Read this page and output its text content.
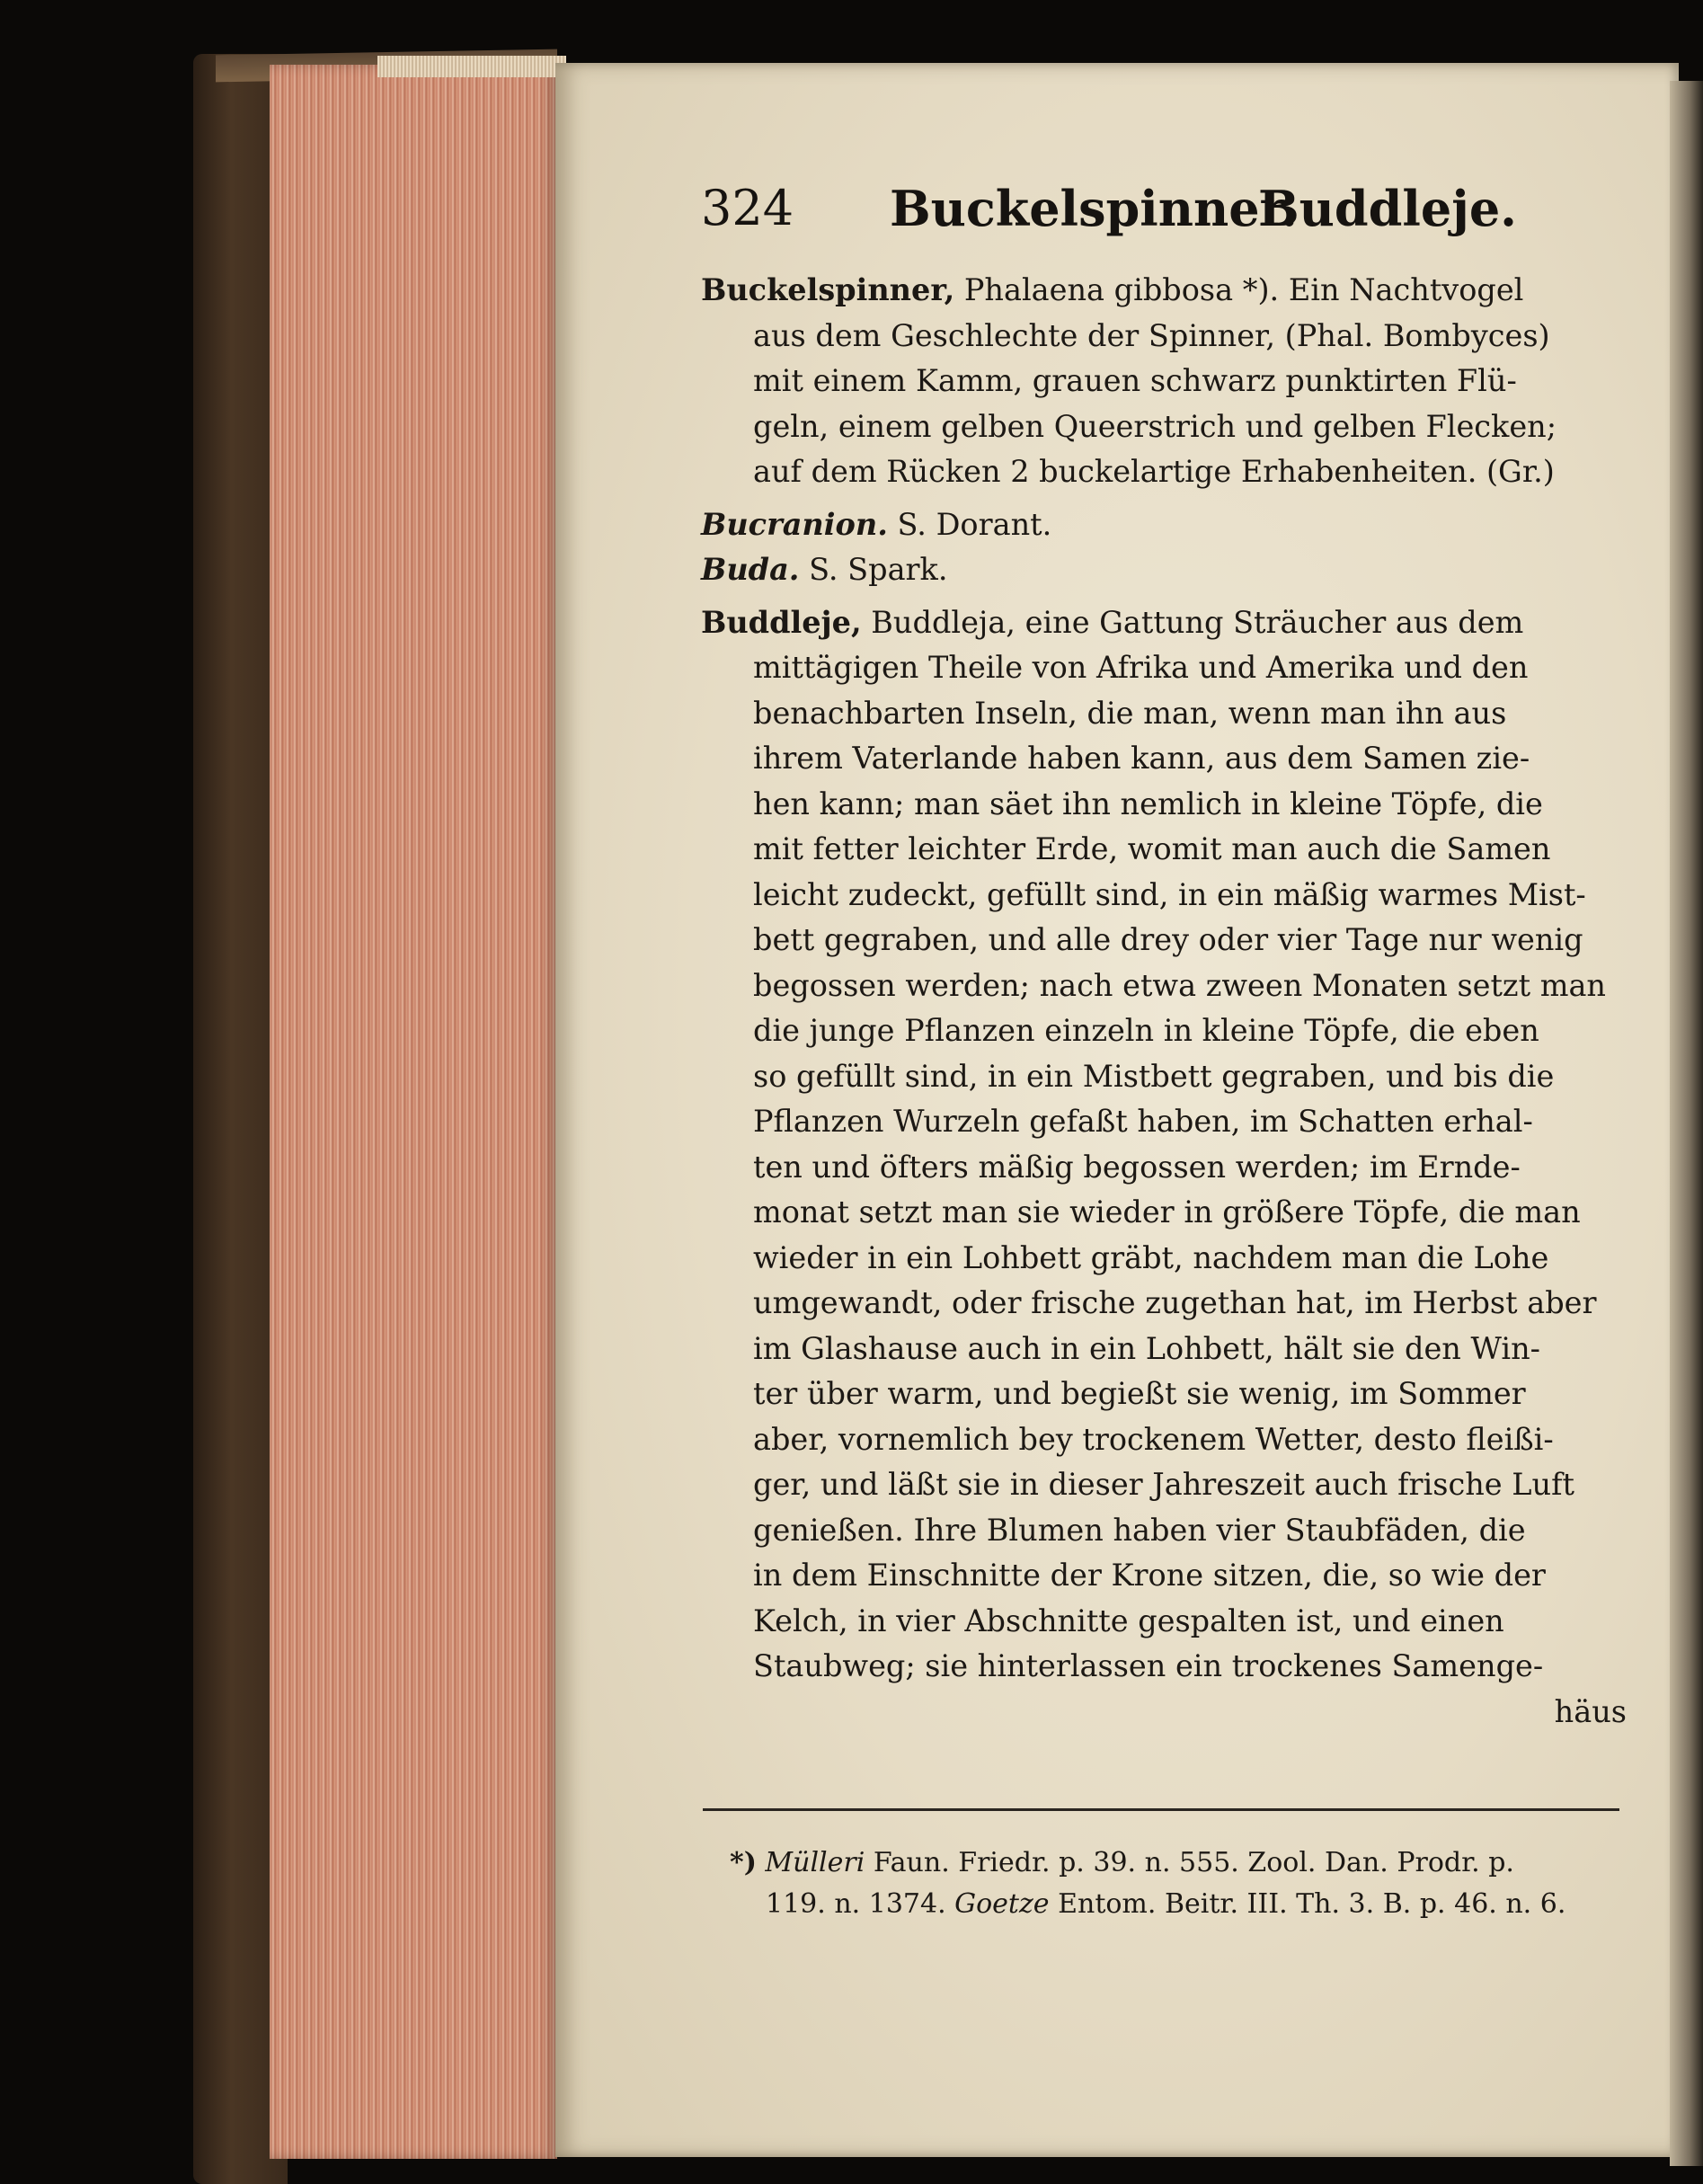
324 Buckelspinner.
Buddleje.
Buckelspinner, Phalaena gibbosa *). Ein Nachtvogel
aus dem Geschlechte der Spinner, (Phal. Bombyces)
mit einem Kamm, grauen schwarz punktirten Flü-
geln, einem gelben Queerstrich und gelben Flecken;
auf dem Rücken 2 buckelartige Erhabenheiten. (Gr.)
Bucranion. S. Dorant.
Buda. S. Spark.
Buddleje, Buddleja, eine Gattung Sträucher aus dem
mittägigen Theile von Afrika und Amerika und den
benachbarten Inseln, die man, wenn man ihn aus
ihrem Vaterlande haben kann, aus dem Samen zie-
hen kann; man säet ihn nemlich in kleine Töpfe, die
mit fetter leichter Erde, womit man auch die Samen
leicht zudeckt, gefüllt sind, in ein mäßig warmes Mist-
bett gegraben, und alle drey oder vier Tage nur wenig
begossen werden; nach etwa zween Monaten setzt man
die junge Pflanzen einzeln in kleine Töpfe, die eben
so gefüllt sind, in ein Mistbett gegraben, und bis die
Pflanzen Wurzeln gefaßt haben, im Schatten erhal-
ten und öfters mäßig begossen werden; im Ernde-
monat setzt man sie wieder in größere Töpfe, die man
wieder in ein Lohbett gräbt, nachdem man die Lohe
umgewandt, oder frische zugethan hat, im Herbst aber
im Glashause auch in ein Lohbett, hält sie den Win-
ter über warm, und begießt sie wenig, im Sommer
aber, vornemlich bey trockenem Wetter, desto fleißi-
ger, und läßt sie in dieser Jahreszeit auch frische Luft
genießen. Ihre Blumen haben vier Staubfäden, die
in dem Einschnitte der Krone sitzen, die, so wie der
Kelch, in vier Abschnitte gespalten ist, und einen
Staubweg; sie hinterlassen ein trockenes Samenge-
häus
*) Mülleri Faun. Friedr. p. 39. n. 555. Zool. Dan. Prodr. p.
119. n. 1374. Goetze Entom. Beitr. III. Th. 3. B. p. 46. n. 6.
